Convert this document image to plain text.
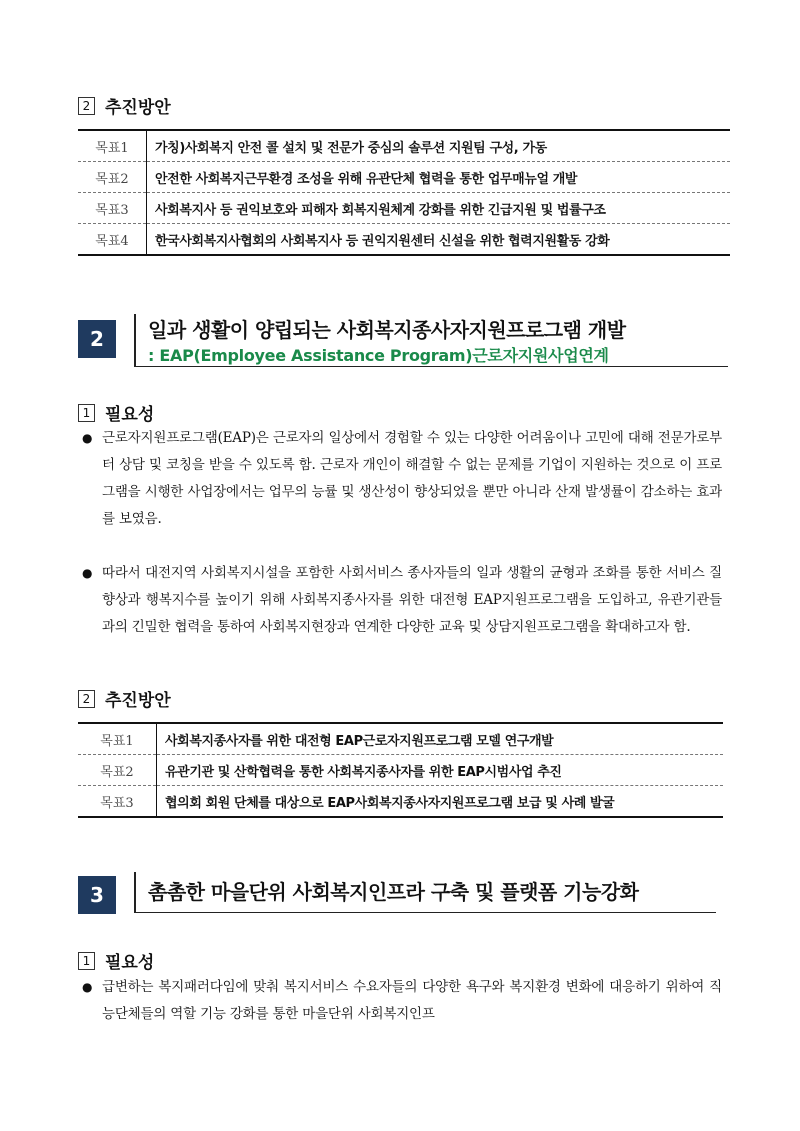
2 추진방안
목표1	가칭)사회복지 안전 콜 설치 및 전문가 중심의 솔루션 지원팀 구성, 가동
목표2	안전한 사회복지근무환경 조성을 위해 유관단체 협력을 통한 업무매뉴얼 개발
목표3	사회복지사 등 권익보호와 피해자 회복지원체계 강화를 위한 긴급지원 및 법률구조
목표4	한국사회복지사협회의 사회복지사 등 권익지원센터 신설을 위한 협력지원활동 강화
2	일과 생활이 양립되는 사회복지종사자지원프로그램 개발
: EAP(Employee Assistance Program)근로자지원사업연계
1 필요성
● 근로자지원프로그램(EAP)은 근로자의 일상에서 경험할 수 있는 다양한 어려움이나 고민에 대해 전문가로부터 상담 및 코칭을 받을 수 있도록 함. 근로자 개인이 해결할 수 없는 문제를 기업이 지원하는 것으로 이 프로그램을 시행한 사업장에서는 업무의 능률 및 생산성이 향상되었을 뿐만 아니라 산재 발생률이 감소하는 효과를 보였음.
● 따라서 대전지역 사회복지시설을 포함한 사회서비스 종사자들의 일과 생활의 균형과 조화를 통한 서비스 질 향상과 행복지수를 높이기 위해 사회복지종사자를 위한 대전형 EAP지원프로그램을 도입하고, 유관기관들과의 긴밀한 협력을 통하여 사회복지현장과 연계한 다양한 교육 및 상담지원프로그램을 확대하고자 함.
2 추진방안
목표1	사회복지종사자를 위한 대전형 EAP근로자지원프로그램 모델 연구개발
목표2	유관기관 및 산학협력을 통한 사회복지종사자를 위한 EAP시범사업 추진
목표3	협의회 회원 단체를 대상으로 EAP사회복지종사자지원프로그램 보급 및 사례 발굴
3	촘촘한 마을단위 사회복지인프라 구축 및 플랫폼 기능강화
1 필요성
● 급변하는 복지패러다임에 맞춰 복지서비스 수요자들의 다양한 욕구와 복지환경 변화에 대응하기 위하여 직능단체들의 역할 기능 강화를 통한 마을단위 사회복지인프
